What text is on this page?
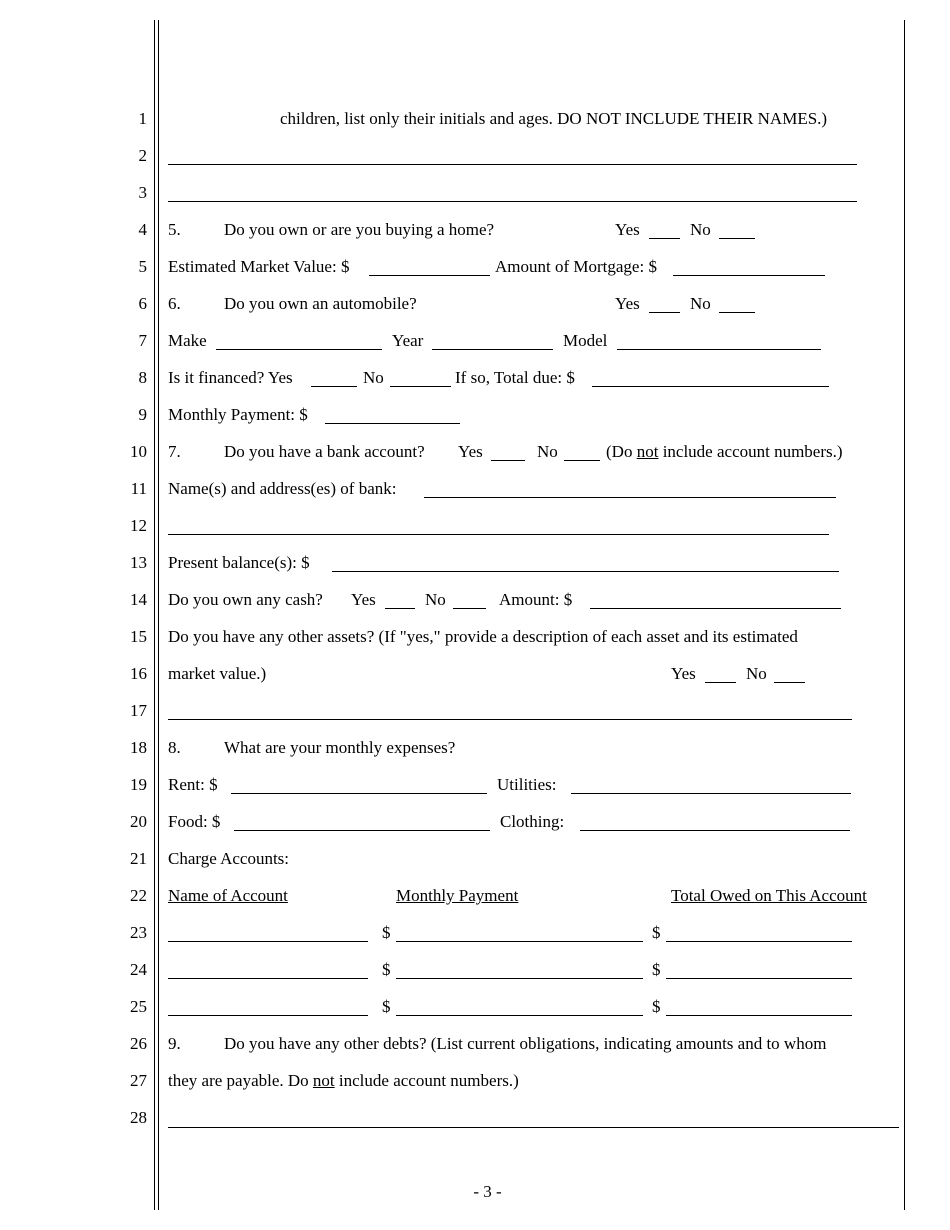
1
2
3
4
5
6
7
8
9
10
11
12
13
14
15
16
17
18
19
20
21
22
23
24
25
26
27
28
children, list only their initials and ages. DO NOT INCLUDE THEIR NAMES.)
5.	Do you own or are you buying a home?	Yes	No
Estimated Market Value: $	Amount of Mortgage: $
6.	Do you own an automobile?	Yes	No
Make	Year	Model
Is it financed? Yes	No	If so, Total due: $
Monthly Payment: $
7.	Do you have a bank account? Yes	No	(Do not include account numbers.)
Name(s) and address(es) of bank:
Present balance(s): $
Do you own any cash? Yes	No	Amount: $
Do you have any other assets? (If "yes," provide a description of each asset and its estimated
market value.)	Yes	No
8.	What are your monthly expenses?
Rent: $	Utilities:
Food: $	Clothing:
Charge Accounts:
Name of Account	Monthly Payment	Total Owed on This Account
$	$
$	$
$	$
9.	Do you have any other debts? (List current obligations, indicating amounts and to whom
they are payable. Do not include account numbers.)
- 3 -
